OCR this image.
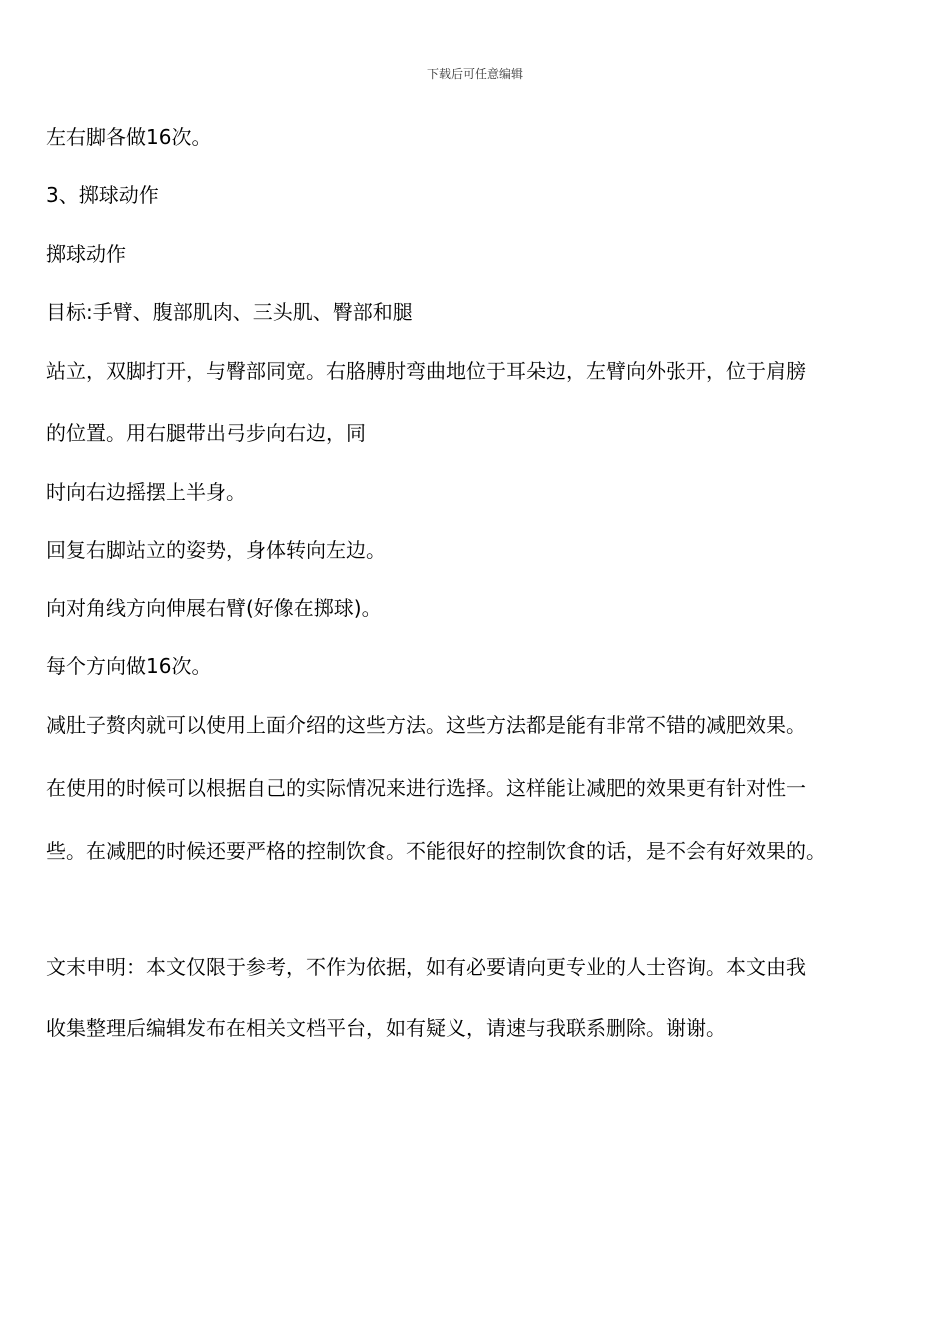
下载后可任意编辑
左右脚各做16次。
3、掷球动作
掷球动作
目标:手臂、腹部肌肉、三头肌、臀部和腿
站立，双脚打开，与臀部同宽。右胳膊肘弯曲地位于耳朵边，左臂向外张开，位于肩膀
的位置。用右腿带出弓步向右边，同
时向右边摇摆上半身。
回复右脚站立的姿势，身体转向左边。
向对角线方向伸展右臂(好像在掷球)。
每个方向做16次。
减肚子赘肉就可以使用上面介绍的这些方法。这些方法都是能有非常不错的减肥效果。
在使用的时候可以根据自己的实际情况来进行选择。这样能让减肥的效果更有针对性一
些。在减肥的时候还要严格的控制饮食。不能很好的控制饮食的话，是不会有好效果的。
文末申明：本文仅限于参考，不作为依据，如有必要请向更专业的人士咨询。本文由我
收集整理后编辑发布在相关文档平台，如有疑义，请速与我联系删除。谢谢。
